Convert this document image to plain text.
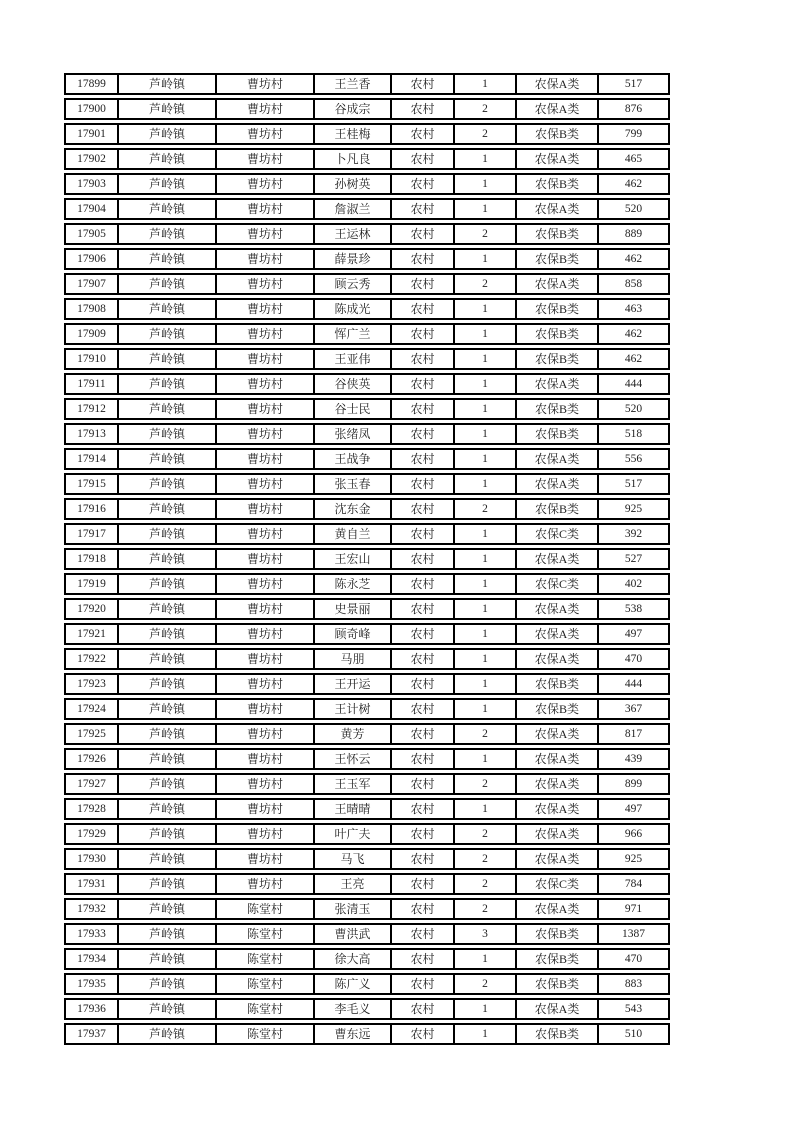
17899	芦岭镇	曹坊村	王兰香	农村	1	农保A类	517
17900	芦岭镇	曹坊村	谷成宗	农村	2	农保A类	876
17901	芦岭镇	曹坊村	王桂梅	农村	2	农保B类	799
17902	芦岭镇	曹坊村	卜凡良	农村	1	农保A类	465
17903	芦岭镇	曹坊村	孙树英	农村	1	农保B类	462
17904	芦岭镇	曹坊村	詹淑兰	农村	1	农保A类	520
17905	芦岭镇	曹坊村	王运林	农村	2	农保B类	889
17906	芦岭镇	曹坊村	薛景珍	农村	1	农保B类	462
17907	芦岭镇	曹坊村	顾云秀	农村	2	农保A类	858
17908	芦岭镇	曹坊村	陈成光	农村	1	农保B类	463
17909	芦岭镇	曹坊村	恽广兰	农村	1	农保B类	462
17910	芦岭镇	曹坊村	王亚伟	农村	1	农保B类	462
17911	芦岭镇	曹坊村	谷侠英	农村	1	农保A类	444
17912	芦岭镇	曹坊村	谷士民	农村	1	农保B类	520
17913	芦岭镇	曹坊村	张绪凤	农村	1	农保B类	518
17914	芦岭镇	曹坊村	王战争	农村	1	农保A类	556
17915	芦岭镇	曹坊村	张玉春	农村	1	农保A类	517
17916	芦岭镇	曹坊村	沈东金	农村	2	农保B类	925
17917	芦岭镇	曹坊村	黄自兰	农村	1	农保C类	392
17918	芦岭镇	曹坊村	王宏山	农村	1	农保A类	527
17919	芦岭镇	曹坊村	陈永芝	农村	1	农保C类	402
17920	芦岭镇	曹坊村	史景丽	农村	1	农保A类	538
17921	芦岭镇	曹坊村	顾奇峰	农村	1	农保A类	497
17922	芦岭镇	曹坊村	马朋	农村	1	农保A类	470
17923	芦岭镇	曹坊村	王开运	农村	1	农保B类	444
17924	芦岭镇	曹坊村	王计树	农村	1	农保B类	367
17925	芦岭镇	曹坊村	黄芳	农村	2	农保A类	817
17926	芦岭镇	曹坊村	王怀云	农村	1	农保A类	439
17927	芦岭镇	曹坊村	王玉军	农村	2	农保A类	899
17928	芦岭镇	曹坊村	王晴晴	农村	1	农保A类	497
17929	芦岭镇	曹坊村	叶广夫	农村	2	农保A类	966
17930	芦岭镇	曹坊村	马飞	农村	2	农保A类	925
17931	芦岭镇	曹坊村	王亮	农村	2	农保C类	784
17932	芦岭镇	陈堂村	张清玉	农村	2	农保A类	971
17933	芦岭镇	陈堂村	曹洪武	农村	3	农保B类	1387
17934	芦岭镇	陈堂村	徐大高	农村	1	农保B类	470
17935	芦岭镇	陈堂村	陈广义	农村	2	农保B类	883
17936	芦岭镇	陈堂村	李毛义	农村	1	农保A类	543
17937	芦岭镇	陈堂村	曹东远	农村	1	农保B类	510
